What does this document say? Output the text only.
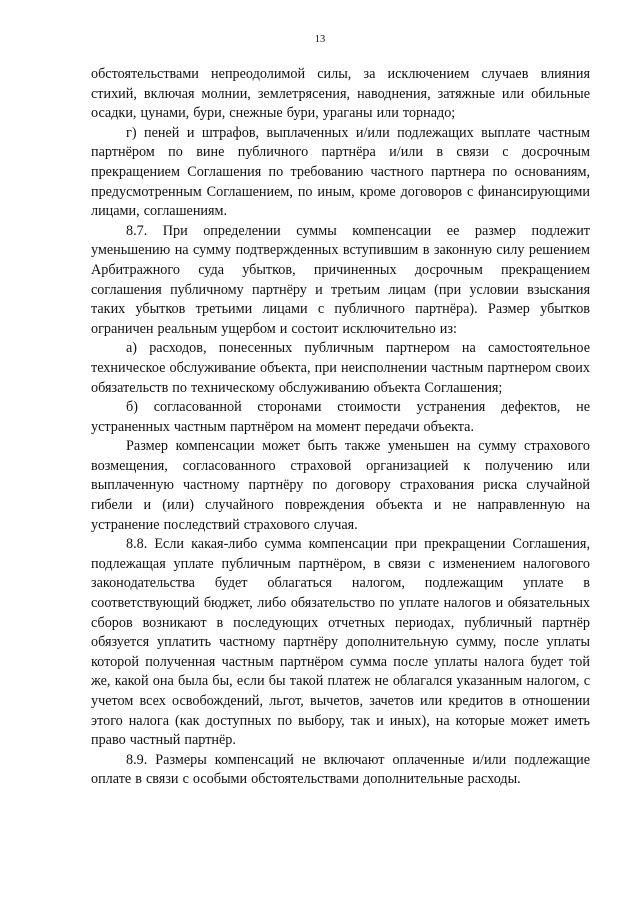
13

обстоятельствами непреодолимой силы, за исключением случаев влияния стихий, включая молнии, землетрясения, наводнения, затяжные или обильные осадки, цунами, бури, снежные бури, ураганы или торнадо;

г) пеней и штрафов, выплаченных и/или подлежащих выплате частным партнёром по вине публичного партнёра и/или в связи с досрочным прекращением Соглашения по требованию частного партнера по основаниям, предусмотренным Соглашением, по иным, кроме договоров с финансирующими лицами, соглашениям.

8.7. При определении суммы компенсации ее размер подлежит уменьшению на сумму подтвержденных вступившим в законную силу решением Арбитражного суда убытков, причиненных досрочным прекращением соглашения публичному партнёру и третьим лицам (при условии взыскания таких убытков третьими лицами с публичного партнёра). Размер убытков ограничен реальным ущербом и состоит исключительно из:

а) расходов, понесенных публичным партнером на самостоятельное техническое обслуживание объекта, при неисполнении частным партнером своих обязательств по техническому обслуживанию объекта Соглашения;

б) согласованной сторонами стоимости устранения дефектов, не устраненных частным партнёром на момент передачи объекта.

Размер компенсации может быть также уменьшен на сумму страхового возмещения, согласованного страховой организацией к получению или выплаченную частному партнёру по договору страхования риска случайной гибели и (или) случайного повреждения объекта и не направленную на устранение последствий страхового случая.

8.8. Если какая-либо сумма компенсации при прекращении Соглашения, подлежащая уплате публичным партнёром, в связи с изменением налогового законодательства будет облагаться налогом, подлежащим уплате в соответствующий бюджет, либо обязательство по уплате налогов и обязательных сборов возникают в последующих отчетных периодах, публичный партнёр обязуется уплатить частному партнёру дополнительную сумму, после уплаты которой полученная частным партнёром сумма после уплаты налога будет той же, какой она была бы, если бы такой платеж не облагался указанным налогом, с учетом всех освобождений, льгот, вычетов, зачетов или кредитов в отношении этого налога (как доступных по выбору, так и иных), на которые может иметь право частный партнёр.

8.9. Размеры компенсаций не включают оплаченные и/или подлежащие оплате в связи с особыми обстоятельствами дополнительные расходы.
